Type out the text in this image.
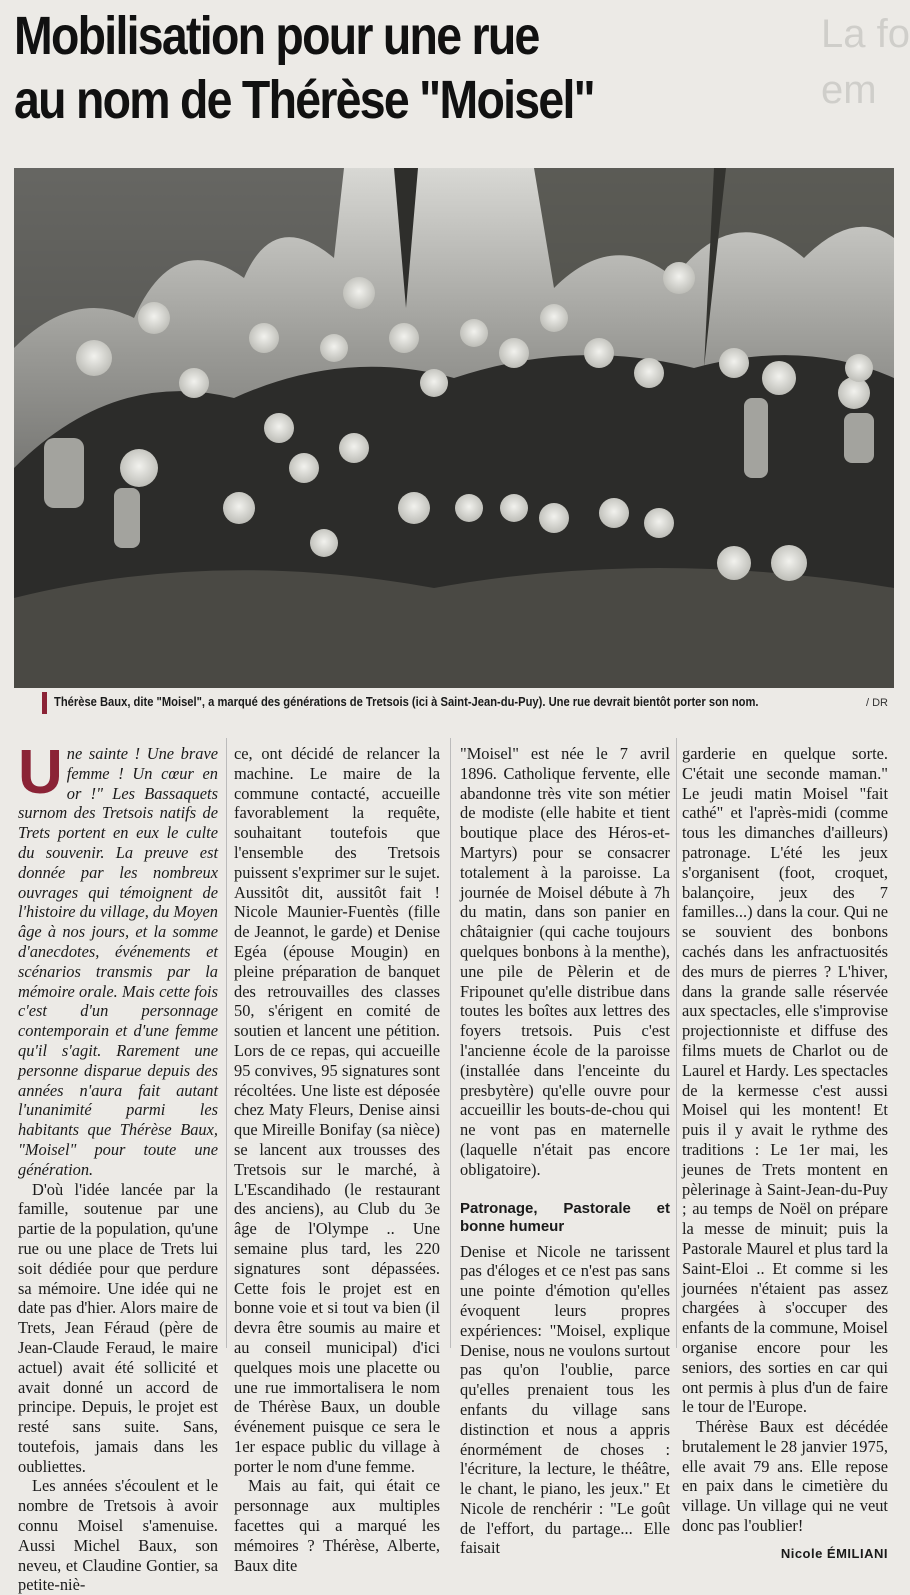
La fo
em
Mobilisation pour une rue
au nom de Thérèse "Moisel"
Thérèse Baux, dite "Moisel", a marqué des générations de Tretsois (ici à Saint-Jean-du-Puy). Une rue devrait bientôt porter son nom.	/ DR

Une sainte ! Une brave femme ! Un cœur en or !" Les Bassaquets surnom des Tretsois natifs de Trets portent en eux le culte du souvenir. La preuve est donnée par les nombreux ouvrages qui témoignent de l'histoire du village, du Moyen âge à nos jours, et la somme d'anecdotes, événements et scénarios transmis par la mémoire orale. Mais cette fois c'est d'un personnage contemporain et d'une femme qu'il s'agit. Rarement une personne disparue depuis des années n'aura fait autant l'unanimité parmi les habitants que Thérèse Baux, "Moisel" pour toute une génération.

D'où l'idée lancée par la famille, soutenue par une partie de la population, qu'une rue ou une place de Trets lui soit dédiée pour que perdure sa mémoire. Une idée qui ne date pas d'hier. Alors maire de Trets, Jean Féraud (père de Jean-Claude Feraud, le maire actuel) avait été sollicité et avait donné un accord de principe. Depuis, le projet est resté sans suite. Sans, toutefois, jamais dans les oubliettes.

Les années s'écoulent et le nombre de Tretsois à avoir connu Moisel s'amenuise. Aussi Michel Baux, son neveu, et Claudine Gontier, sa petite-niè-

ce, ont décidé de relancer la machine. Le maire de la commune contacté, accueille favorablement la requête, souhaitant toutefois que l'ensemble des Tretsois puissent s'exprimer sur le sujet. Aussitôt dit, aussitôt fait ! Nicole Maunier-Fuentès (fille de Jeannot, le garde) et Denise Egéa (épouse Mougin) en pleine préparation de banquet des retrouvailles des classes 50, s'érigent en comité de soutien et lancent une pétition. Lors de ce repas, qui accueille 95 convives, 95 signatures sont récoltées. Une liste est déposée chez Maty Fleurs, Denise ainsi que Mireille Bonifay (sa nièce) se lancent aux trousses des Tretsois sur le marché, à L'Escandihado (le restaurant des anciens), au Club du 3e âge de l'Olympe .. Une semaine plus tard, les 220 signatures sont dépassées. Cette fois le projet est en bonne voie et si tout va bien (il devra être soumis au maire et au conseil municipal) d'ici quelques mois une placette ou une rue immortalisera le nom de Thérèse Baux, un double événement puisque ce sera le 1er espace public du village à porter le nom d'une femme.

Mais au fait, qui était ce personnage aux multiples facettes qui a marqué les mémoires ? Thérèse, Alberte, Baux dite

"Moisel" est née le 7 avril 1896. Catholique fervente, elle abandonne très vite son métier de modiste (elle habite et tient boutique place des Héros-et-Martyrs) pour se consacrer totalement à la paroisse. La journée de Moisel débute à 7h du matin, dans son panier en châtaignier (qui cache toujours quelques bonbons à la menthe), une pile de Pèlerin et de Fripounet qu'elle distribue dans toutes les boîtes aux lettres des foyers tretsois. Puis c'est l'ancienne école de la paroisse (installée dans l'enceinte du presbytère) qu'elle ouvre pour accueillir les bouts-de-chou qui ne vont pas en maternelle (laquelle n'était pas encore obligatoire).

Patronage, Pastorale et bonne humeur

Denise et Nicole ne tarissent pas d'éloges et ce n'est pas sans une pointe d'émotion qu'elles évoquent leurs propres expériences: "Moisel, explique Denise, nous ne voulons surtout pas qu'on l'oublie, parce qu'elles prenaient tous les enfants du village sans distinction et nous a appris énormément de choses : l'écriture, la lecture, le théâtre, le chant, le piano, les jeux." Et Nicole de renchérir : "Le goût de l'effort, du partage... Elle faisait

garderie en quelque sorte. C'était une seconde maman." Le jeudi matin Moisel "fait cathé" et l'après-midi (comme tous les dimanches d'ailleurs) patronage. L'été les jeux s'organisent (foot, croquet, balançoire, jeux des 7 familles...) dans la cour. Qui ne se souvient des bonbons cachés dans les anfractuosités des murs de pierres ? L'hiver, dans la grande salle réservée aux spectacles, elle s'improvise projectionniste et diffuse des films muets de Charlot ou de Laurel et Hardy. Les spectacles de la kermesse c'est aussi Moisel qui les montent! Et puis il y avait le rythme des traditions : Le 1er mai, les jeunes de Trets montent en pèlerinage à Saint-Jean-du-Puy ; au temps de Noël on prépare la messe de minuit; puis la Pastorale Maurel et plus tard la Saint-Eloi .. Et comme si les journées n'étaient pas assez chargées à s'occuper des enfants de la commune, Moisel organise encore pour les seniors, des sorties en car qui ont permis à plus d'un de faire le tour de l'Europe.

Thérèse Baux est décédée brutalement le 28 janvier 1975, elle avait 79 ans. Elle repose en paix dans le cimetière du village. Un village qui ne veut donc pas l'oublier!

Nicole ÉMILIANI
